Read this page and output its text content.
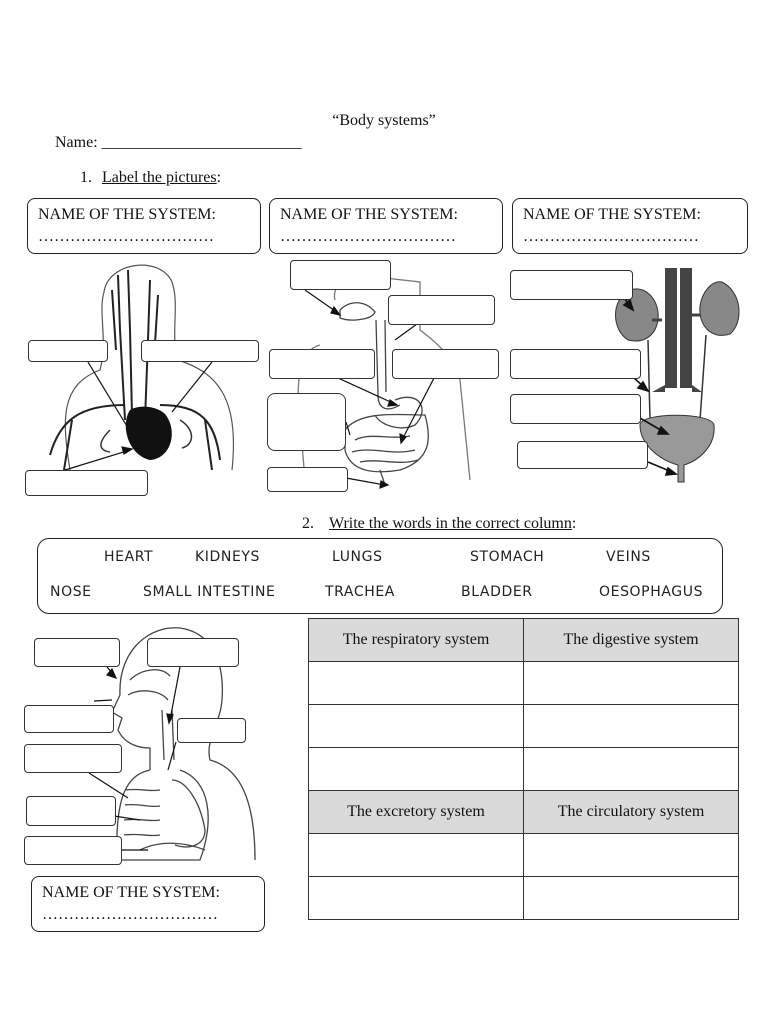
“Body systems”
Name: _________________________
1. Label the pictures:
NAME OF THE SYSTEM:
……………………………
NAME OF THE SYSTEM:
……………………………
NAME OF THE SYSTEM:
……………………………
2. Write the words in the correct column:
HEART	KIDNEYS	LUNGS	STOMACH	VEINS
NOSE	SMALL INTESTINE	TRACHEA	BLADDER	OESOPHAGUS
NAME OF THE SYSTEM:
……………………………
The respiratory system	The digestive system

The excretory system	The circulatory system
